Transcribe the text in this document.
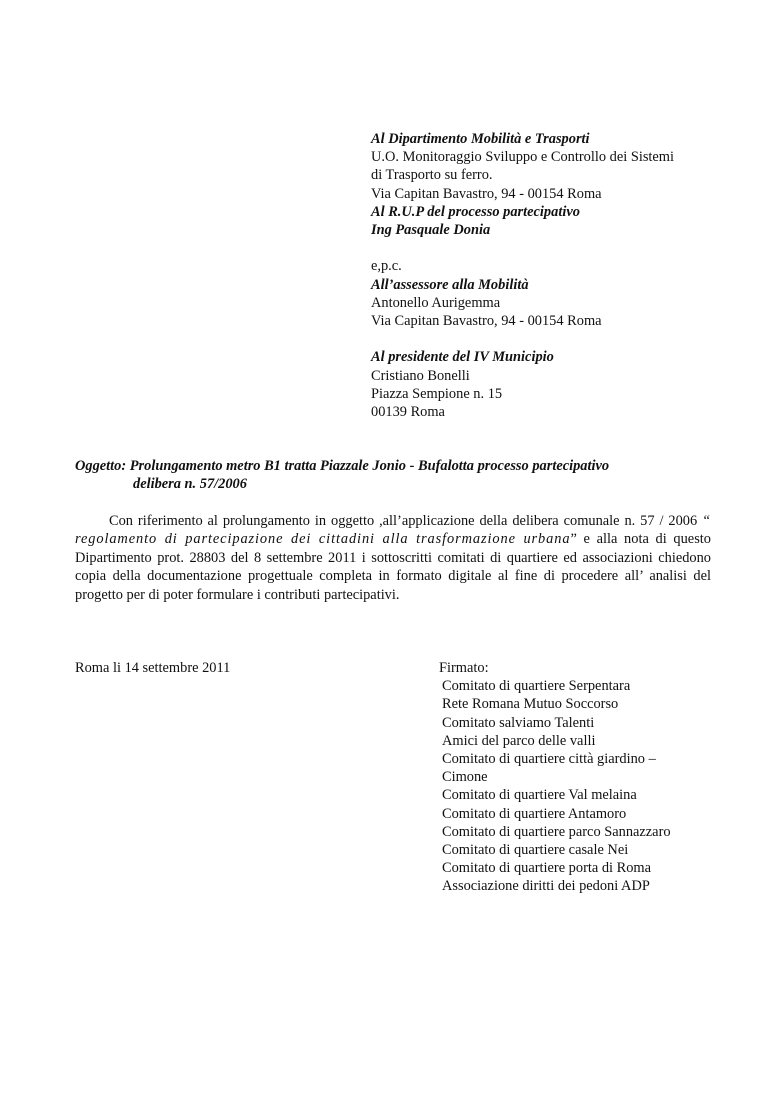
Al Dipartimento Mobilità e Trasporti
U.O. Monitoraggio Sviluppo e Controllo dei Sistemi
di Trasporto su ferro.
Via Capitan Bavastro, 94 - 00154 Roma
Al R.U.P del processo partecipativo
Ing Pasquale Donia
e,p.c.
All’assessore alla Mobilità
Antonello Aurigemma
Via Capitan Bavastro, 94 - 00154 Roma
Al presidente del IV Municipio
Cristiano Bonelli
Piazza Sempione n. 15
00139 Roma
Oggetto: Prolungamento metro B1 tratta Piazzale Jonio - Bufalotta processo partecipativo
delibera n. 57/2006
Con riferimento al prolungamento in oggetto ,all’applicazione della delibera comunale n. 57 / 2006 “ regolamento di partecipazione dei cittadini alla trasformazione urbana” e alla nota di questo Dipartimento prot. 28803 del 8 settembre 2011 i sottoscritti comitati di quartiere ed associazioni chiedono copia della documentazione progettuale completa in formato digitale al fine di procedere all’ analisi del progetto per di poter formulare i contributi partecipativi.
Roma li 14 settembre 2011	Firmato:
Comitato di quartiere Serpentara
Rete Romana Mutuo Soccorso
Comitato salviamo Talenti
Amici del parco delle valli
Comitato di quartiere città giardino –
Cimone
Comitato di quartiere Val melaina
Comitato di quartiere Antamoro
Comitato di quartiere parco Sannazzaro
Comitato di quartiere casale Nei
Comitato di quartiere porta di Roma
Associazione diritti dei pedoni ADP
